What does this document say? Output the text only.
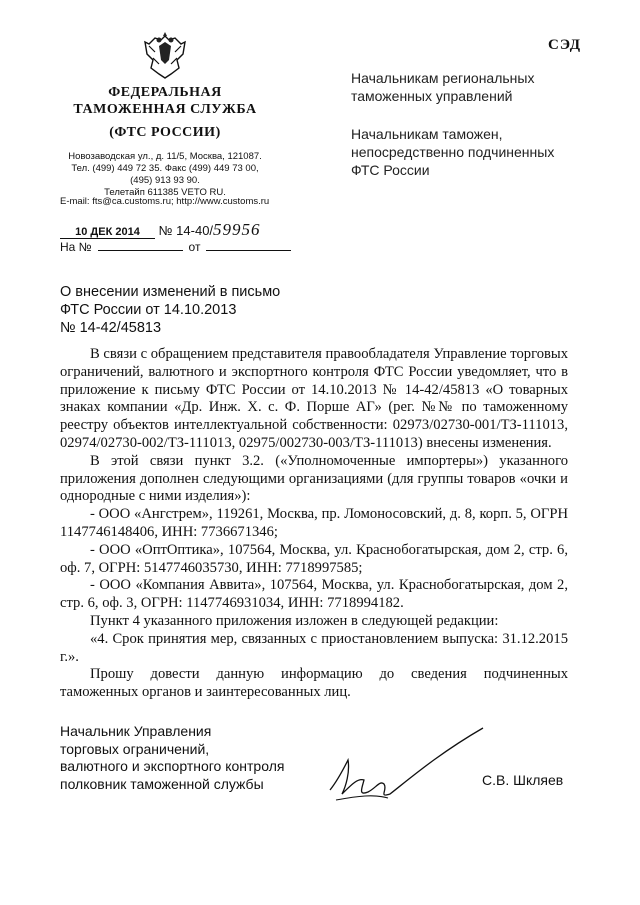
СЭД
ФЕДЕРАЛЬНАЯ
ТАМОЖЕННАЯ СЛУЖБА
(ФТС РОССИИ)
Новозаводская ул., д. 11/5, Москва, 121087.
Тел. (499) 449 72 35. Факс (499) 449 73 00,
(495) 913 93 90.
Телетайп 611385 VETO RU.
E-mail: fts@ca.customs.ru; http://www.customs.ru
10 ДЕК 2014 № 14-40/59956
На №	от
Начальникам региональных
таможенных управлений
Начальникам таможен,
непосредственно подчиненных
ФТС России
О внесении изменений в письмо
ФТС России от 14.10.2013
№ 14-42/45813

В связи с обращением представителя правообладателя Управление торговых ограничений, валютного и экспортного контроля ФТС России уведомляет, что в приложение к письму ФТС России от 14.10.2013 № 14-42/45813 «О товарных знаках компании «Др. Инж. Х. с. Ф. Порше АГ» (рег. №№ по таможенному реестру объектов интеллектуальной собственности: 02973/02730-001/ТЗ-111013, 02974/02730-002/ТЗ-111013, 02975/002730-003/ТЗ-111013) внесены изменения.

В этой связи пункт 3.2. («Уполномоченные импортеры») указанного приложения дополнен следующими организациями (для группы товаров «очки и однородные с ними изделия»):

- ООО «Ангстрем», 119261, Москва, пр. Ломоносовский, д. 8, корп. 5, ОГРН 1147746148406, ИНН: 7736671346;

- ООО «ОптОптика», 107564, Москва, ул. Краснобогатырская, дом 2, стр. 6, оф. 7, ОГРН: 5147746035730, ИНН: 7718997585;

- ООО «Компания Аввита», 107564, Москва, ул. Краснобогатырская, дом 2, стр. 6, оф. 3, ОГРН: 1147746931034, ИНН: 7718994182.

Пункт 4 указанного приложения изложен в следующей редакции:

«4. Срок принятия мер, связанных с приостановлением выпуска: 31.12.2015 г.».

Прошу довести данную информацию до сведения подчиненных таможенных органов и заинтересованных лиц.

Начальник Управления
торговых ограничений,
валютного и экспортного контроля
полковник таможенной службы	С.В. Шкляев
